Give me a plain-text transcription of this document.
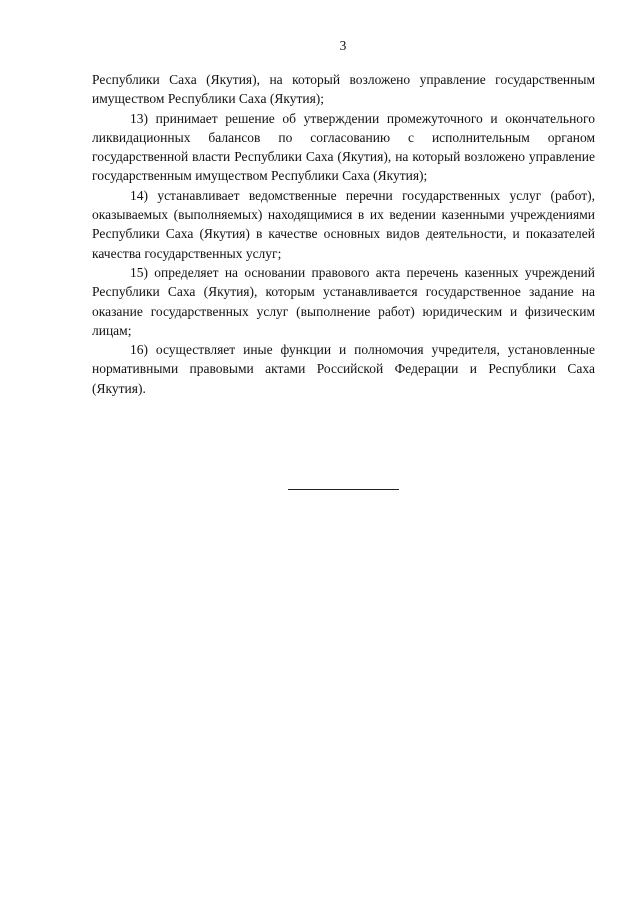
3

Республики Саха (Якутия), на который возложено управление государственным имуществом Республики Саха (Якутия);

13) принимает решение об утверждении промежуточного и окончательного ликвидационных балансов по согласованию с исполнительным органом государственной власти Республики Саха (Якутия), на который возложено управление государственным имуществом Республики Саха (Якутия);

14) устанавливает ведомственные перечни государственных услуг (работ), оказываемых (выполняемых) находящимися в их ведении казенными учреждениями Республики Саха (Якутия) в качестве основных видов деятельности, и показателей качества государственных услуг;

15) определяет на основании правового акта перечень казенных учреждений Республики Саха (Якутия), которым устанавливается государственное задание на оказание государственных услуг (выполнение работ) юридическим и физическим лицам;

16) осуществляет иные функции и полномочия учредителя, установленные нормативными правовыми актами Российской Федерации и Республики Саха (Якутия).
